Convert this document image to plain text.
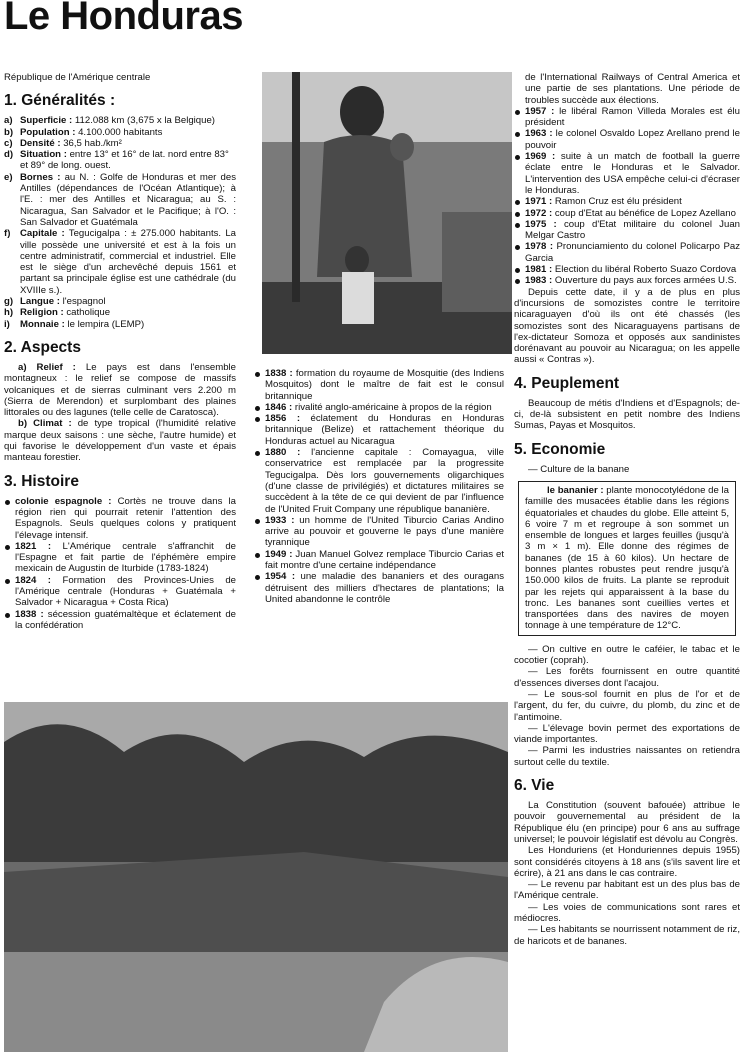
Le Honduras

République de l'Amérique centrale

1. Généralités :
a) Superficie : 112.088 km (3,675 x la Belgique)
b) Population : 4.100.000 habitants
c) Densité : 36,5 hab./km²
d) Situation : entre 13° et 16° de lat. nord entre 83° et 89° de long. ouest.
e) Bornes : au N. : Golfe de Honduras et mer des Antilles (dépendances de l'Océan Atlantique); à l'E. : mer des Antilles et Nicaragua; au S. : Nicaragua, San Salvador et le Pacifique; à l'O. : San Salvador et Guatémala
f)	Capitale : Tegucigalpa : ± 275.000 habitants. La ville possède une université et est à la fois un centre administratif, commercial et industriel. Elle est le siège d'un archevêché depuis 1561 et partant sa principale église est une cathédrale (du XVIIIe s.).
g) Langue : l'espagnol
h) Religion : catholique
i)	Monnaie : le lempira (LEMP)
2. Aspects

a) Relief : Le pays est dans l'ensemble montagneux : le relief se compose de massifs volcaniques et de sierras culminant vers 2.200 m (Sierra de Merendon) et surplombant des plaines littorales ou des lagunes (telle celle de Caratosca).

b) Climat : de type tropical (l'humidité relative marque deux saisons : une sèche, l'autre humide) et qui favorise le développement d'un vaste et épais manteau forestier.

3. Histoire
colonie espagnole : Cortès ne trouve dans la région rien qui pourrait retenir l'attention des Espagnols. Seuls quelques colons y pratiquent l'élevage intensif.
1821 : L'Amérique centrale s'affranchit de l'Espagne et fait partie de l'éphémère empire mexicain de Augustin de Iturbide (1783-1824)
1824 : Formation des Provinces-Unies de l'Amérique centrale (Honduras + Guatémala + Salvador + Nicaragua + Costa Rica)
1838 : sécession guatémaltèque et éclatement de la confédération
1838 : formation du royaume de Mosquitie (des Indiens Mosquitos) dont le maître de fait est le consul britannique
1846 : rivalité anglo-américaine à propos de la région
1856 : éclatement du Honduras en Honduras britannique (Belize) et rattachement théorique du Honduras actuel au Nicaragua
1880 : l'ancienne capitale : Comayagua, ville conservatrice est remplacée par la progressite Tegucigalpa. Dès lors gouvernements oligarchiques (d'une classe de privilégiés) et dictatures militaires se succèdent à la tête de ce qui devient de par l'influence de l'United Fruit Company une république bananière.
1933 : un homme de l'United Tiburcio Carias Andino arrive au pouvoir et gouverne le pays d'une manière tyrannique
1949 : Juan Manuel Golvez remplace Tiburcio Carias et fait montre d'une certaine indépendance
1954 : une maladie des bananiers et des ouragans détruisent des milliers d'hectares de plantations; la United abandonne le contrôle

de l'International Railways of Central America et une partie de ses plantations. Une période de troubles succède aux élections.

1957 : le libéral Ramon Villeda Morales est élu président
1963 : le colonel Osvaldo Lopez Arellano prend le pouvoir
1969 : suite à un match de football la guerre éclate entre le Honduras et le Salvador. L'intervention des USA empêche celui-ci d'écraser le Honduras.
1971 : Ramon Cruz est élu président
1972 : coup d'Etat au bénéfice de Lopez Azellano
1975 : coup d'Etat militaire du colonel Juan Melgar Castro
1978 : Pronunciamiento du colonel Policarpo Paz Garcia
1981 : Election du libéral Roberto Suazo Cordova
1983 : Ouverture du pays aux forces armées U.S.

Depuis cette date, il y a de plus en plus d'incursions de somozistes contre le territoire nicaraguayen d'où ils ont été chassés (les somozistes sont des Nicaraguayens partisans de l'ex-dictateur Somoza et opposés aux sandinistes dorénavant au pouvoir au Nicaragua; on les appelle aussi « Contras »).

4. Peuplement

Beaucoup de métis d'Indiens et d'Espagnols; de-ci, de-là subsistent en petit nombre des Indiens Sumas, Payas et Mosquitos.

5. Economie

— Culture de la banane

le bananier : plante monocotylédone de la famille des musacées établie dans les régions équatoriales et chaudes du globe. Elle atteint 5, 6 voire 7 m et regroupe à son sommet un ensemble de longues et larges feuilles (jusqu'à 3 m × 1 m). Elle donne des régimes de bananes (de 15 à 60 kilos). Un hectare de bonnes plantes robustes peut rendre jusqu'à 150.000 kilos de fruits. La plante se reproduit par les rejets qui apparaissent à la base du tronc. Les bananes sont cueillies vertes et transportées dans des navires de moyen tonnage à une température de 12°C.

— On cultive en outre le caféier, le tabac et le cocotier (coprah).

— Les forêts fournissent en outre quantité d'essences diverses dont l'acajou.

— Le sous-sol fournit en plus de l'or et de l'argent, du fer, du cuivre, du plomb, du zinc et de l'antimoine.

— L'élevage bovin permet des exportations de viande importantes.

— Parmi les industries naissantes on retiendra surtout celle du textile.

6. Vie

La Constitution (souvent bafouée) attribue le pouvoir gouvernemental au président de la République élu (en principe) pour 6 ans au suffrage universel; le pouvoir législatif est dévolu au Congrès.

Les Honduriens (et Honduriennes depuis 1955) sont considérés citoyens à 18 ans (s'ils savent lire et écrire), à 21 ans dans le cas contraire.

— Le revenu par habitant est un des plus bas de l'Amérique centrale.

— Les voies de communications sont rares et médiocres.

— Les habitants se nourrissent notamment de riz, de haricots et de bananes.
